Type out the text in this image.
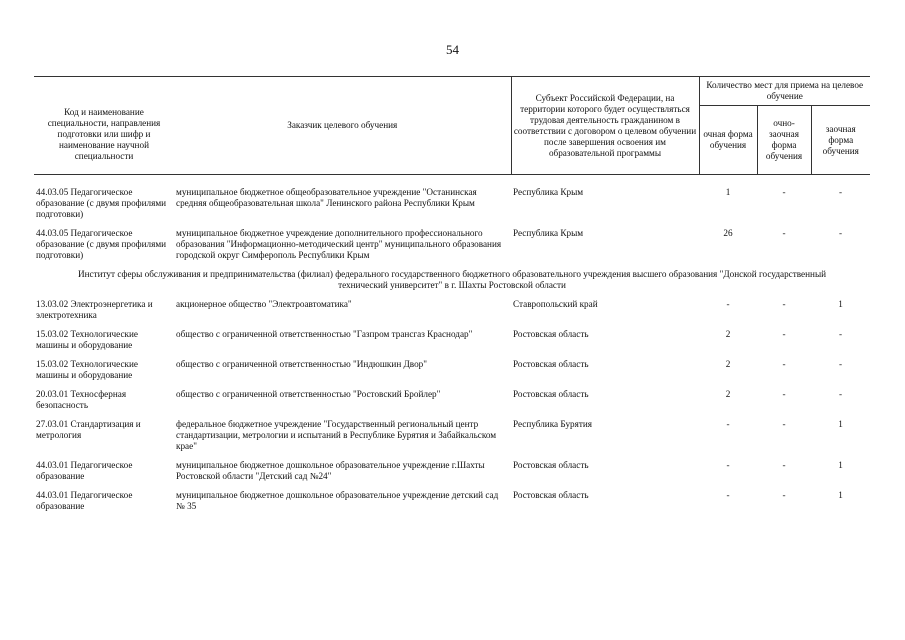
54
Код и наименование специальности, направления подготовки или шифр и наименование научной специальности	Заказчик целевого обучения	Субъект Российской Федерации, на территории которого будет осуществляться трудовая деятельность гражданином в соответствии с договором о целевом обучении после завершения освоения им образовательной программы	Количество мест для приема на целевое обучение		
			очная форма обучения	очно-заочная форма обучения	заочная форма обучения
44.03.05 Педагогическое образование (с двумя профилями подготовки)	муниципальное бюджетное общеобразовательное учреждение "Останинская средняя общеобразовательная школа" Ленинского района Республики Крым	Республика Крым	1	-	-
44.03.05 Педагогическое образование (с двумя профилями подготовки)	муниципальное бюджетное учреждение дополнительного профессионального образования "Информационно-методический центр" муниципального образования городской округ Симферополь Республики Крым	Республика Крым	26	-	-
Институт сферы обслуживания и предпринимательства (филиал) федерального государственного бюджетного образовательного учреждения высшего образования "Донской государственный технический университет" в г. Шахты Ростовской области					
13.03.02 Электроэнергетика и электротехника	акционерное общество "Электроавтоматика"	Ставропольский край	-	-	1
15.03.02 Технологические машины и оборудование	общество с ограниченной ответственностью "Газпром трансгаз Краснодар"	Ростовская область	2	-	-
15.03.02 Технологические машины и оборудование	общество с ограниченной ответственностью "Индюшкин Двор"	Ростовская область	2	-	-
20.03.01 Техносферная безопасность	общество с ограниченной ответственностью "Ростовский Бройлер"	Ростовская область	2	-	-
27.03.01 Стандартизация и метрология	федеральное бюджетное учреждение "Государственный региональный центр стандартизации, метрологии и испытаний в Республике Бурятия и Забайкальском крае"	Республика Бурятия	-	-	1
44.03.01 Педагогическое образование	муниципальное бюджетное дошкольное образовательное учреждение г.Шахты Ростовской области "Детский сад №24"	Ростовская область	-	-	1
44.03.01 Педагогическое образование	муниципальное бюджетное дошкольное образовательное учреждение детский сад № 35	Ростовская область	-	-	1
